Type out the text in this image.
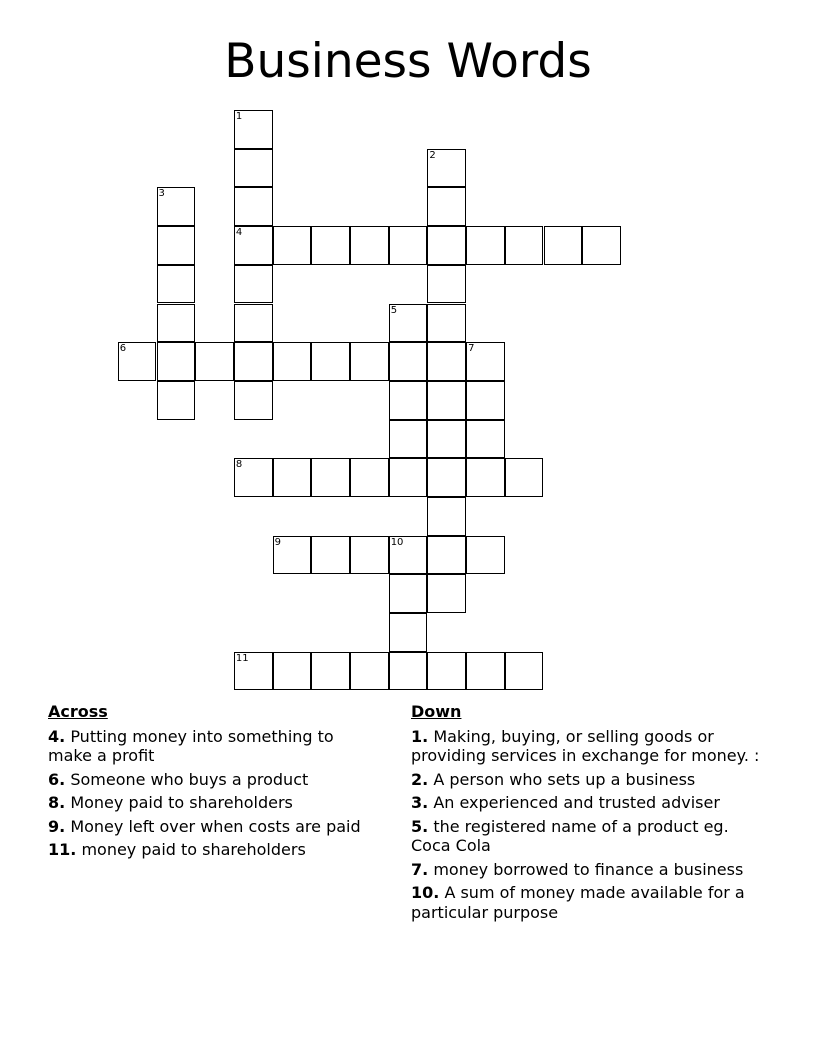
Business Words
1
4
2
3
6
5
7
8
9	10
11
Across
4. Putting money into something to make a profit
6. Someone who buys a product
8. Money paid to shareholders
9. Money left over when costs are paid
11. money paid to shareholders
Down
1. Making, buying, or selling goods or providing services in exchange for money. :
2. A person who sets up a business
3. An experienced and trusted adviser
5. the registered name of a product eg. Coca Cola
7. money borrowed to finance a business
10. A sum of money made available for a particular purpose
